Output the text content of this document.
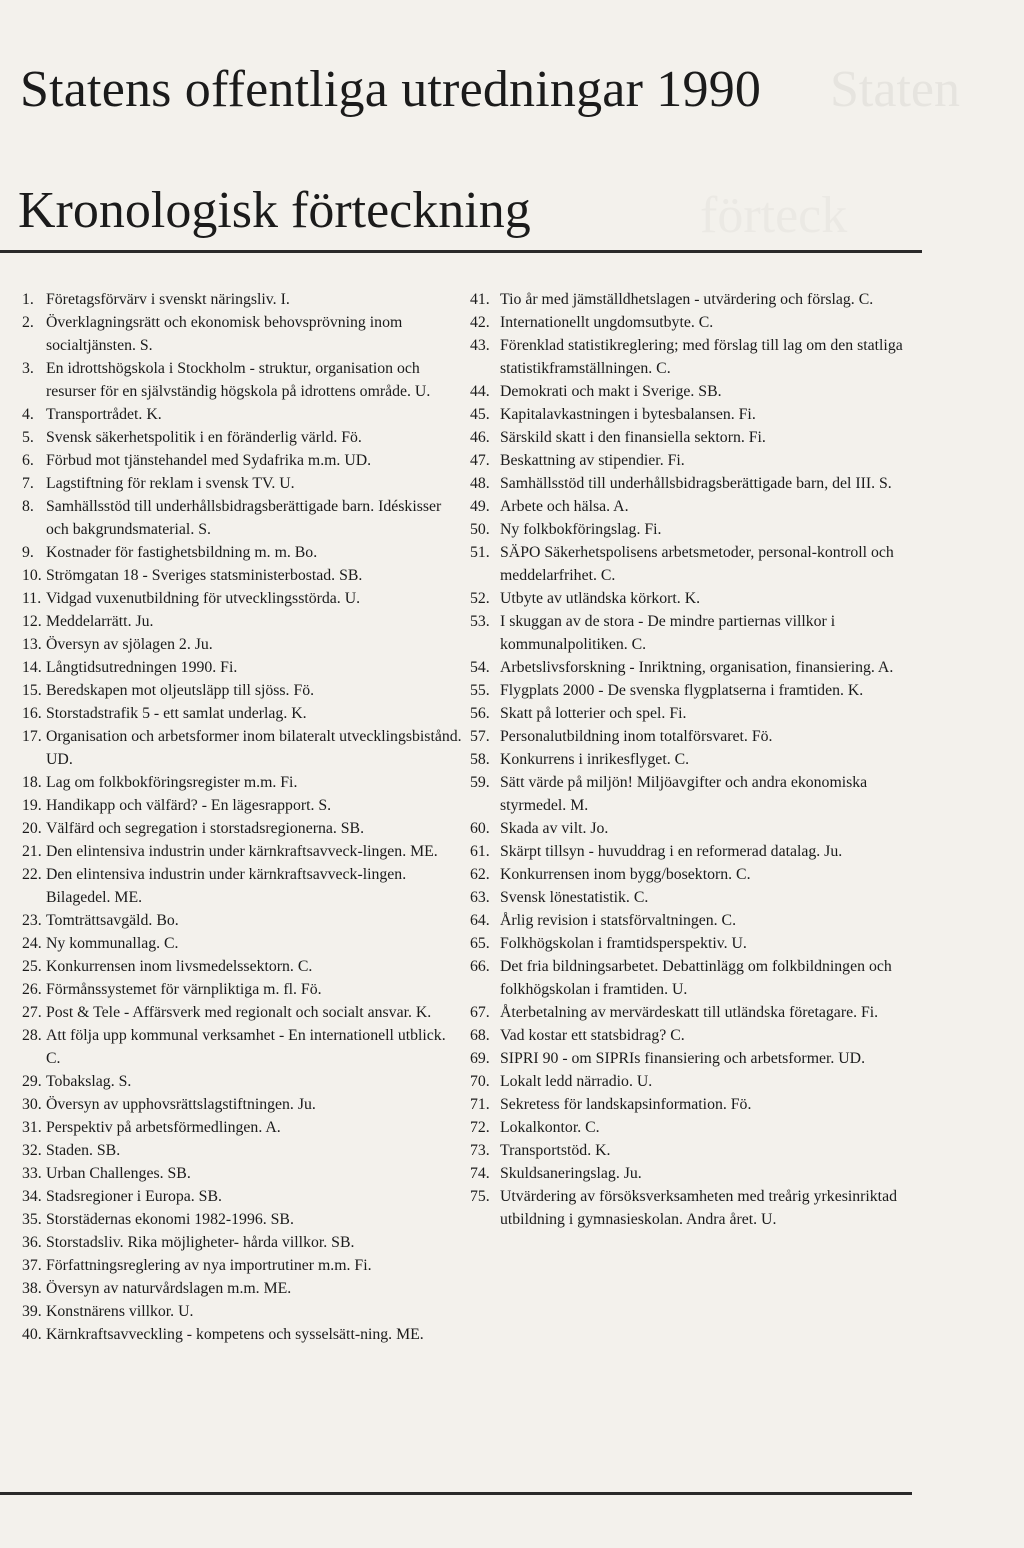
Staten
förteck
Statens offentliga utredningar 1990
Kronologisk förteckning
1. Företagsförvärv i svenskt näringsliv. I.
2. Överklagningsrätt och ekonomisk behovsprövning inom socialtjänsten. S.
3. En idrottshögskola i Stockholm - struktur, organisation och resurser för en självständig högskola på idrottens område. U.
4. Transportrådet. K.
5. Svensk säkerhetspolitik i en föränderlig värld. Fö.
6. Förbud mot tjänstehandel med Sydafrika m.m. UD.
7. Lagstiftning för reklam i svensk TV. U.
8. Samhällsstöd till underhållsbidragsberättigade barn. Idéskisser och bakgrundsmaterial. S.
9. Kostnader för fastighetsbildning m. m. Bo.
10. Strömgatan 18 - Sveriges statsministerbostad. SB.
11. Vidgad vuxenutbildning för utvecklingsstörda. U.
12. Meddelarrätt. Ju.
13. Översyn av sjölagen 2. Ju.
14. Långtidsutredningen 1990. Fi.
15. Beredskapen mot oljeutsläpp till sjöss. Fö.
16. Storstadstrafik 5 - ett samlat underlag. K.
17. Organisation och arbetsformer inom bilateralt utvecklingsbistånd. UD.
18. Lag om folkbokföringsregister m.m. Fi.
19. Handikapp och välfärd? - En lägesrapport. S.
20. Välfärd och segregation i storstadsregionerna. SB.
21. Den elintensiva industrin under kärnkraftsavveck-lingen. ME.
22. Den elintensiva industrin under kärnkraftsavveck-lingen. Bilagedel. ME.
23. Tomträttsavgäld. Bo.
24. Ny kommunallag. C.
25. Konkurrensen inom livsmedelssektorn. C.
26. Förmånssystemet för värnpliktiga m. fl. Fö.
27. Post & Tele - Affärsverk med regionalt och socialt ansvar. K.
28. Att följa upp kommunal verksamhet - En internationell utblick. C.
29. Tobakslag. S.
30. Översyn av upphovsrättslagstiftningen. Ju.
31. Perspektiv på arbetsförmedlingen. A.
32. Staden. SB.
33. Urban Challenges. SB.
34. Stadsregioner i Europa. SB.
35. Storstädernas ekonomi 1982-1996. SB.
36. Storstadsliv. Rika möjligheter- hårda villkor. SB.
37. Författningsreglering av nya importrutiner m.m. Fi.
38. Översyn av naturvårdslagen m.m. ME.
39. Konstnärens villkor. U.
40. Kärnkraftsavveckling - kompetens och sysselsätt-ning. ME.
41. Tio år med jämställdhetslagen - utvärdering och förslag. C.
42. Internationellt ungdomsutbyte. C.
43. Förenklad statistikreglering; med förslag till lag om den statliga statistikframställningen. C.
44. Demokrati och makt i Sverige. SB.
45. Kapitalavkastningen i bytesbalansen. Fi.
46. Särskild skatt i den finansiella sektorn. Fi.
47. Beskattning av stipendier. Fi.
48. Samhällsstöd till underhållsbidragsberättigade barn, del III. S.
49. Arbete och hälsa. A.
50. Ny folkbokföringslag. Fi.
51. SÄPO Säkerhetspolisens arbetsmetoder, personal-kontroll och meddelarfrihet. C.
52. Utbyte av utländska körkort. K.
53. I skuggan av de stora - De mindre partiernas villkor i kommunalpolitiken. C.
54. Arbetslivsforskning - Inriktning, organisation, finansiering. A.
55. Flygplats 2000 - De svenska flygplatserna i framtiden. K.
56. Skatt på lotterier och spel. Fi.
57. Personalutbildning inom totalförsvaret. Fö.
58. Konkurrens i inrikesflyget. C.
59. Sätt värde på miljön! Miljöavgifter och andra ekonomiska styrmedel. M.
60. Skada av vilt. Jo.
61. Skärpt tillsyn - huvuddrag i en reformerad datalag. Ju.
62. Konkurrensen inom bygg/bosektorn. C.
63. Svensk lönestatistik. C.
64. Årlig revision i statsförvaltningen. C.
65. Folkhögskolan i framtidsperspektiv. U.
66. Det fria bildningsarbetet. Debattinlägg om folkbildningen och folkhögskolan i framtiden. U.
67. Återbetalning av mervärdeskatt till utländska företagare. Fi.
68. Vad kostar ett statsbidrag? C.
69. SIPRI 90 - om SIPRIs finansiering och arbetsformer. UD.
70. Lokalt ledd närradio. U.
71. Sekretess för landskapsinformation. Fö.
72. Lokalkontor. C.
73. Transportstöd. K.
74. Skuldsaneringslag. Ju.
75. Utvärdering av försöksverksamheten med treårig yrkesinriktad utbildning i gymnasieskolan. Andra året. U.
